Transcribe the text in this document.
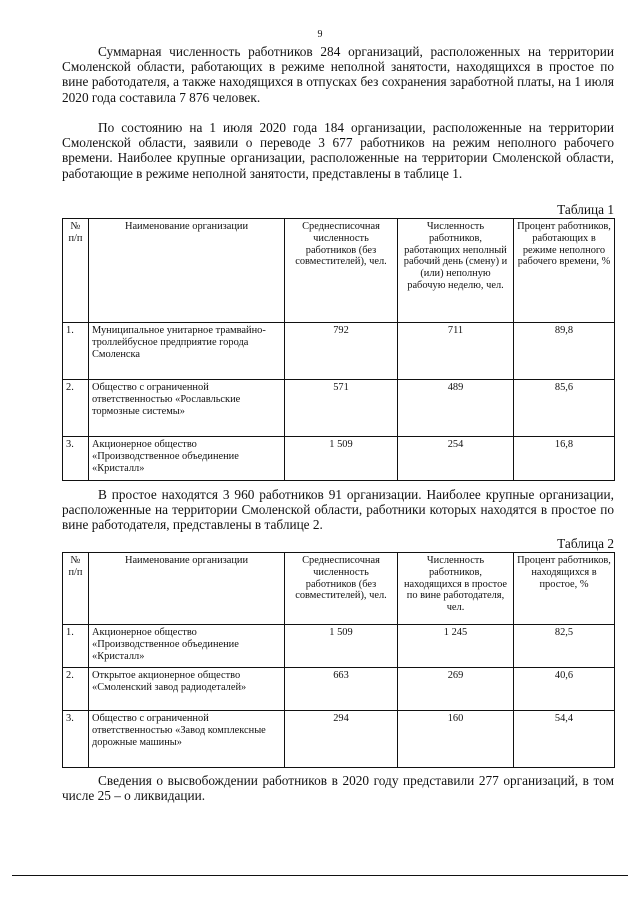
9

Суммарная численность работников 284 организаций, расположенных на территории Смоленской области, работающих в режиме неполной занятости, находящихся в простое по вине работодателя, а также находящихся в отпусках без сохранения заработной платы, на 1 июля 2020 года составила 7 876 человек.

По состоянию на 1 июля 2020 года 184 организации, расположенные на территории Смоленской области, заявили о переводе 3 677 работников на режим неполного рабочего времени. Наиболее крупные организации, расположенные на территории Смоленской области, работающие в режиме неполной занятости, представлены в таблице 1.

Таблица 1
№ п/п	Наименование организации	Среднесписочная численность работников (без совместителей), чел.	Численность работников, работающих неполный рабочий день (смену) и (или) неполную рабочую неделю, чел.	Процент работников, работающих в режиме неполного рабочего времени, %
1.	Муниципальное унитарное трамвайно-троллейбусное предприятие города Смоленска	792	711	89,8
2.	Общество с ограниченной ответственностью «Рославльские тормозные системы»	571	489	85,6
3.	Акционерное общество «Производственное объединение «Кристалл»	1 509	254	16,8

В простое находятся 3 960 работников 91 организации. Наиболее крупные организации, расположенные на территории Смоленской области, работники которых находятся в простое по вине работодателя, представлены в таблице 2.

Таблица 2
№ п/п	Наименование организации	Среднесписочная численность работников (без совместителей), чел.	Численность работников, находящихся в простое по вине работодателя, чел.	Процент работников, находящихся в простое, %
1.	Акционерное общество «Производственное объединение «Кристалл»	1 509	1 245	82,5
2.	Открытое акционерное общество «Смоленский завод радиодеталей»	663	269	40,6
3.	Общество с ограниченной ответственностью «Завод комплексные дорожные машины»	294	160	54,4

Сведения о высвобождении работников в 2020 году представили 277 организаций, в том числе 25 – о ликвидации.
